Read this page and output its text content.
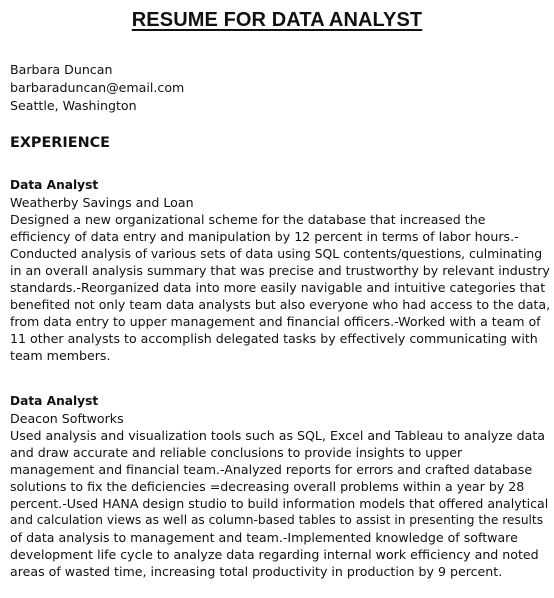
RESUME FOR DATA ANALYST
Barbara Duncan
barbaraduncan@email.com
Seattle, Washington
EXPERIENCE
Data Analyst
Weatherby Savings and Loan
Designed a new organizational scheme for the database that increased the
efficiency of data entry and manipulation by 12 percent in terms of labor hours.-
Conducted analysis of various sets of data using SQL contents/questions, culminating
in an overall analysis summary that was precise and trustworthy by relevant industry
standards.-Reorganized data into more easily navigable and intuitive categories that
benefited not only team data analysts but also everyone who had access to the data,
from data entry to upper management and financial officers.-Worked with a team of
11 other analysts to accomplish delegated tasks by effectively communicating with
team members.
Data Analyst
Deacon Softworks
Used analysis and visualization tools such as SQL, Excel and Tableau to analyze data
and draw accurate and reliable conclusions to provide insights to upper
management and financial team.-Analyzed reports for errors and crafted database
solutions to fix the deficiencies =decreasing overall problems within a year by 28
percent.-Used HANA design studio to build information models that offered analytical
and calculation views as well as column-based tables to assist in presenting the results
of data analysis to management and team.-Implemented knowledge of software
development life cycle to analyze data regarding internal work efficiency and noted
areas of wasted time, increasing total productivity in production by 9 percent.
